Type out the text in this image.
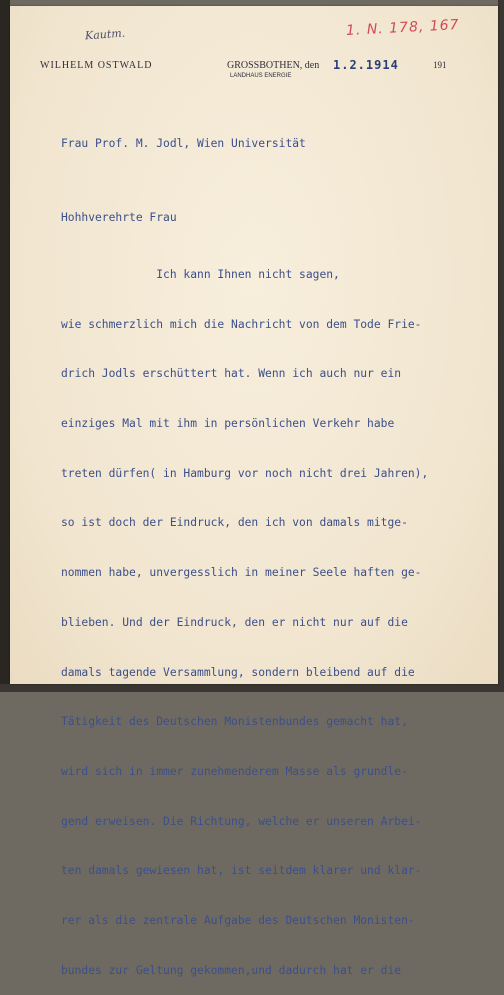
Kautm.	1. N. 178, 167
WILHELM OSTWALD	GROSSBOTHEN, den
LANDHAUS ENERGIE
1.2.1914	191
Frau Prof. M. Jodl, Wien Universität
Hohhverehrte Frau

Ich kann Ihnen nicht sagen,

wie schmerzlich mich die Nachricht von dem Tode Frie-

drich Jodls erschüttert hat. Wenn ich auch nur ein

einziges Mal mit ihm in persönlichen Verkehr habe

treten dürfen( in Hamburg vor noch nicht drei Jahren),

so ist doch der Eindruck, den ich von damals mitge-

nommen habe, unvergesslich in meiner Seele haften ge-

blieben. Und der Eindruck, den er nicht nur auf die

damals tagende Versammlung, sondern bleibend auf die

Tätigkeit des Deutschen Monistenbundes gemacht hat,

wird sich in immer zunehmenderem Masse als grundle-

gend erweisen. Die Richtung, welche er unseren Arbei-

ten damals gewiesen hat, ist seitdem klarer und klar-

rer als die zentrale Aufgabe des Deutschen Monisten-

bundes zur Geltung gekommen,und dadurch hat er die
